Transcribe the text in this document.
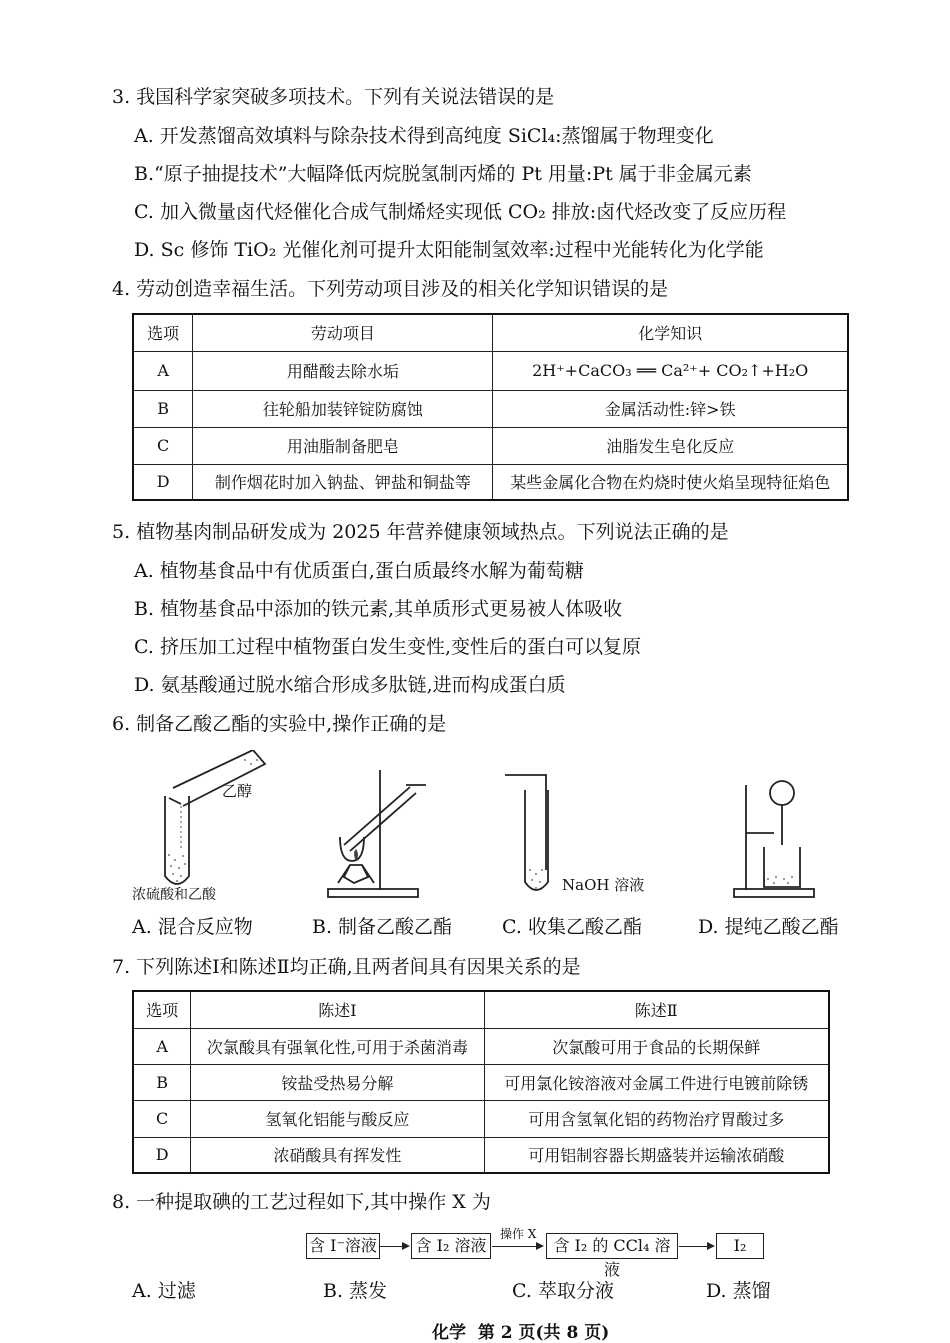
3. 我国科学家突破多项技术。下列有关说法错误的是
A. 开发蒸馏高效填料与除杂技术得到高纯度 SiCl₄:蒸馏属于物理变化
B.“原子抽提技术”大幅降低丙烷脱氢制丙烯的 Pt 用量:Pt 属于非金属元素
C. 加入微量卤代烃催化合成气制烯烃实现低 CO₂ 排放:卤代烃改变了反应历程
D. Sc 修饰 TiO₂ 光催化剂可提升太阳能制氢效率:过程中光能转化为化学能
4. 劳动创造幸福生活。下列劳动项目涉及的相关化学知识错误的是
选项	劳动项目	化学知识
A	用醋酸去除水垢	2H⁺+CaCO₃ ══ Ca²⁺+ CO₂↑+H₂O
B	往轮船加装锌锭防腐蚀	金属活动性:锌>铁
C	用油脂制备肥皂	油脂发生皂化反应
D	制作烟花时加入钠盐、钾盐和铜盐等	某些金属化合物在灼烧时使火焰呈现特征焰色
5. 植物基肉制品研发成为 2025 年营养健康领域热点。下列说法正确的是
A. 植物基食品中有优质蛋白,蛋白质最终水解为葡萄糖
B. 植物基食品中添加的铁元素,其单质形式更易被人体吸收
C. 挤压加工过程中植物蛋白发生变性,变性后的蛋白可以复原
D. 氨基酸通过脱水缩合形成多肽链,进而构成蛋白质
6. 制备乙酸乙酯的实验中,操作正确的是
乙醇
浓硫酸和乙酸
A. 混合反应物	B. 制备乙酸乙酯
NaOH 溶液
C. 收集乙酸乙酯	D. 提纯乙酸乙酯
7. 下列陈述Ⅰ和陈述Ⅱ均正确,且两者间具有因果关系的是
选项	陈述Ⅰ	陈述Ⅱ
A	次氯酸具有强氧化性,可用于杀菌消毒	次氯酸可用于食品的长期保鲜
B	铵盐受热易分解	可用氯化铵溶液对金属工件进行电镀前除锈
C	氢氧化铝能与酸反应	可用含氢氧化铝的药物治疗胃酸过多
D	浓硝酸具有挥发性	可用铝制容器长期盛装并运输浓硝酸
8. 一种提取碘的工艺过程如下,其中操作 X 为
含 I⁻溶液 含 I₂ 溶液
操作 X
含 I₂ 的 CCl₄ 溶液
I₂
A. 过滤	B. 蒸发	C. 萃取分液	D. 蒸馏
化学  第 2 页(共 8 页)
